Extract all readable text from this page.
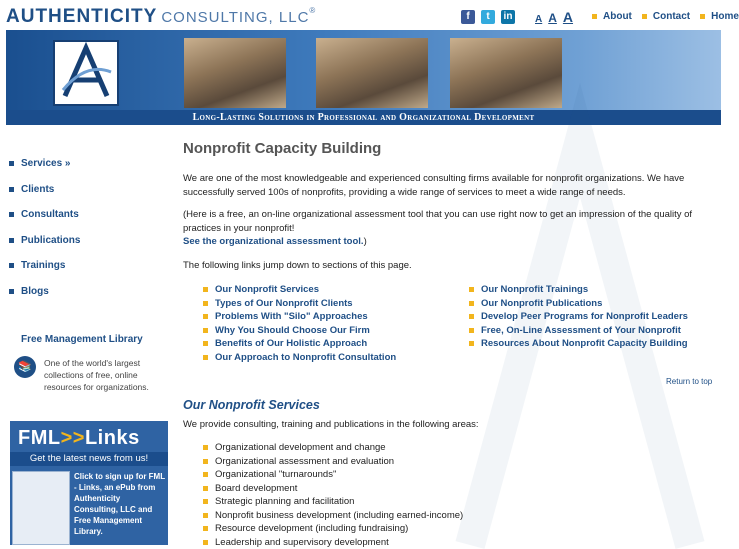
AUTHENTICITY CONSULTING, LLC®
f	t	in A A A	About Contact Home
Long-Lasting Solutions in Professional and Organizational Development
Services »
Clients
Consultants
Publications
Trainings
Blogs
Free Management Library
📚	One of the world's largest collections of free, online resources for organizations.
FML>>Links
Get the latest news from us!
Click to sign up for FML - Links, an ePub from Authenticity Consulting, LLC and Free Management Library.
Nonprofit Capacity Building
We are one of the most knowledgeable and experienced consulting firms available for nonprofit organizations. We have successfully served 100s of nonprofits, providing a wide range of services to meet a wide range of needs.
(Here is a free, an on-line organizational assessment tool that you can use right now to get an impression of the quality of practices in your nonprofit!
See the organizational assessment tool.)
The following links jump down to sections of this page.
Our Nonprofit Services
Types of Our Nonprofit Clients
Problems With "Silo" Approaches
Why You Should Choose Our Firm
Benefits of Our Holistic Approach
Our Approach to Nonprofit Consultation
Our Nonprofit Trainings
Our Nonprofit Publications
Develop Peer Programs for Nonprofit Leaders
Free, On-Line Assessment of Your Nonprofit
Resources About Nonprofit Capacity Building
Return to top
Our Nonprofit Services
We provide consulting, training and publications in the following areas:
Organizational development and change
Organizational assessment and evaluation
Organizational "turnarounds"
Board development
Strategic planning and facilitation
Nonprofit business development (including earned-income)
Resource development (including fundraising)
Leadership and supervisory development
